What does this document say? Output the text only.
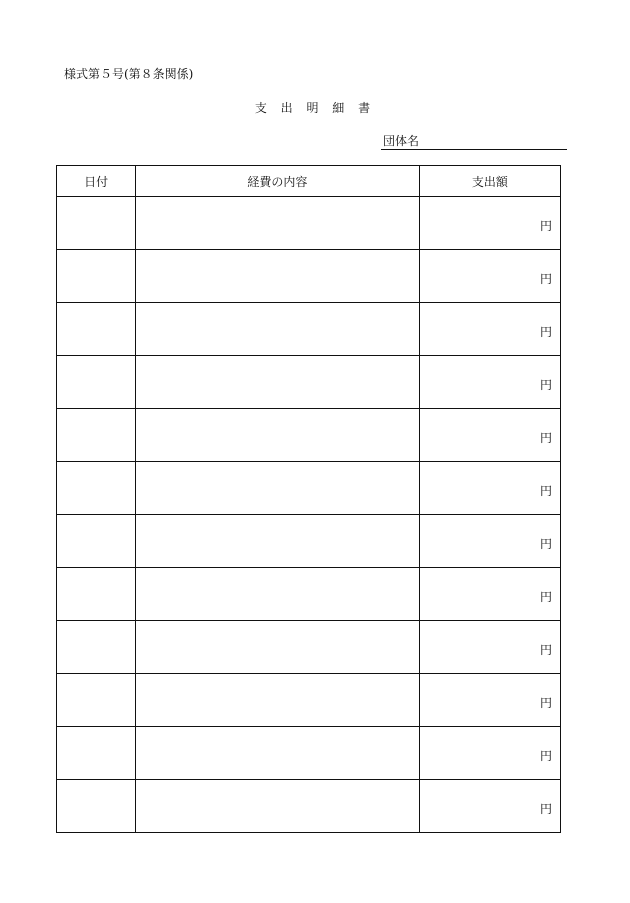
様式第５号(第８条関係)
支 出 明 細 書
団体名
日付	経費の内容	支出額
		円
		円
		円
		円
		円
		円
		円
		円
		円
		円
		円
		円
